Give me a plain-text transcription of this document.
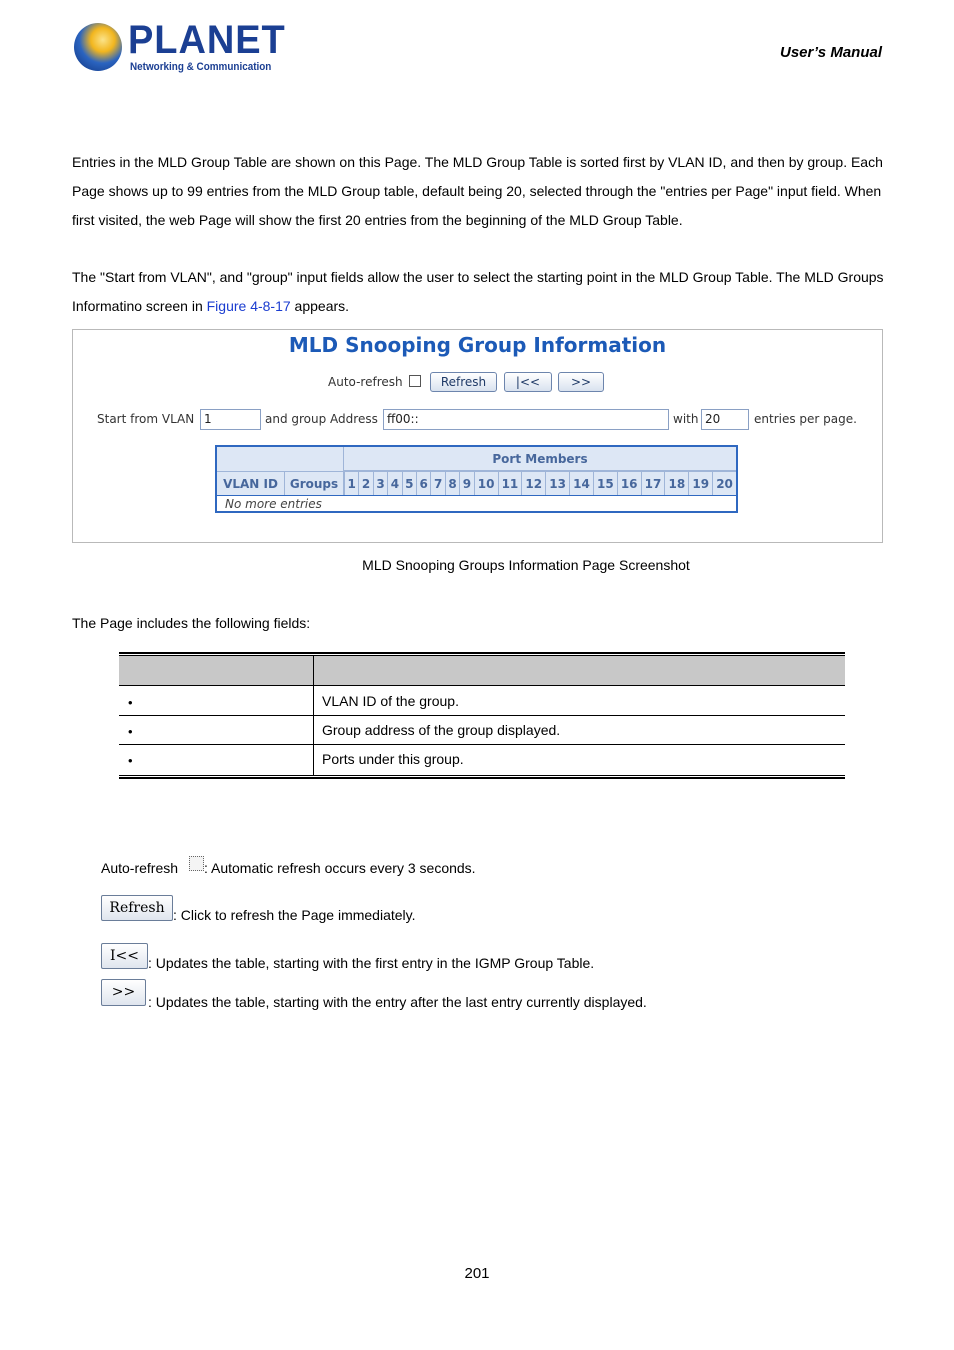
PLANET
Networking & Communication
User’s Manual

Entries in the MLD Group Table are shown on this Page. The MLD Group Table is sorted first by VLAN ID, and then by group. Each Page shows up to 99 entries from the MLD Group table, default being 20, selected through the "entries per Page" input field. When first visited, the web Page will show the first 20 entries from the beginning of the MLD Group Table.

The "Start from VLAN", and "group" input fields allow the user to select the starting point in the MLD Group Table. The MLD Groups Informatino screen in Figure 4-8-17 appears.

MLD Snooping Group Information
Auto-refresh	Refresh	|<<	>>
Start from VLAN 1	and group Address ff00::	with 20	entries per page.
Port Members
VLAN ID Groups 1 2 3 4 5 6 7 8 9 10 11 12 13 14 15 16 17 18 19 20
No more entries
MLD Snooping Groups Information Page Screenshot

The Page includes the following fields:

•	VLAN ID of the group.
•	Group address of the group displayed.
•	Ports under this group.
Auto-refresh : Automatic refresh occurs every 3 seconds.
Refresh : Click to refresh the Page immediately.
I<< : Updates the table, starting with the first entry in the IGMP Group Table.
>>
: Updates the table, starting with the entry after the last entry currently displayed.
201
